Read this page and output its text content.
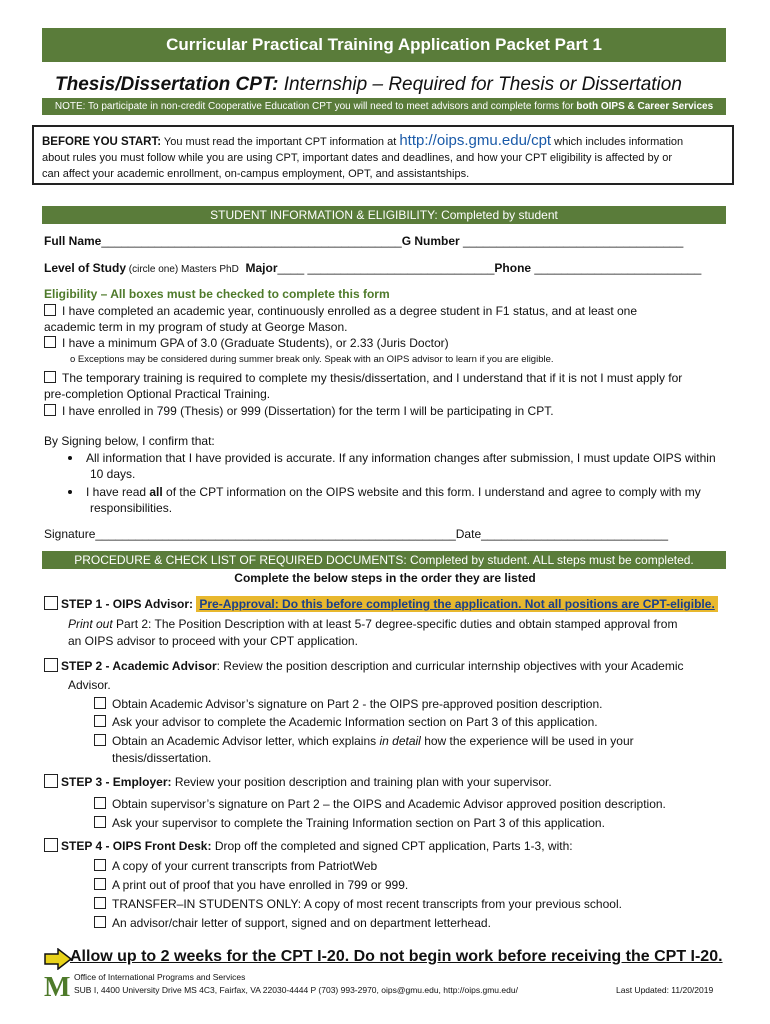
Curricular Practical Training Application Packet Part 1
Thesis/Dissertation CPT: Internship – Required for Thesis or Dissertation
NOTE: To participate in non-credit Cooperative Education CPT you will need to meet advisors and complete forms for both OIPS & Career Services
BEFORE YOU START: You must read the important CPT information at http://oips.gmu.edu/cpt which includes information
about rules you must follow while you are using CPT, important dates and deadlines, and how your CPT eligibility is affected by or
can affect your academic enrollment, on-campus employment, OPT, and assistantships.
STUDENT INFORMATION & ELIGIBILITY: Completed by student
Full Name_____________________________________________G Number _________________________________
Level of Study (circle one) Masters PhD Major____ ____________________________Phone _________________________
Eligibility – All boxes must be checked to complete this form
I have completed an academic year, continuously enrolled as a degree student in F1 status, and at least one
academic term in my program of study at George Mason.
I have a minimum GPA of 3.0 (Graduate Students), or 2.33 (Juris Doctor)
o Exceptions may be considered during summer break only. Speak with an OIPS advisor to learn if you are eligible.
The temporary training is required to complete my thesis/dissertation, and I understand that if it is not I must apply for
pre-completion Optional Practical Training.
I have enrolled in 799 (Thesis) or 999 (Dissertation) for the term I will be participating in CPT.
By Signing below, I confirm that:
All information that I have provided is accurate. If any information changes after submission, I must update OIPS within
10 days.
I have read all of the CPT information on the OIPS website and this form. I understand and agree to comply with my
responsibilities.
Signature______________________________________________________Date____________________________
PROCEDURE & CHECK LIST OF REQUIRED DOCUMENTS: Completed by student. ALL steps must be completed.
Complete the below steps in the order they are listed
STEP 1 - OIPS Advisor: Pre-Approval: Do this before completing the application. Not all positions are CPT-eligible.
Print out Part 2: The Position Description with at least 5-7 degree-specific duties and obtain stamped approval from
an OIPS advisor to proceed with your CPT application.
STEP 2 - Academic Advisor: Review the position description and curricular internship objectives with your Academic
Advisor.
Obtain Academic Advisor’s signature on Part 2 - the OIPS pre-approved position description.
Ask your advisor to complete the Academic Information section on Part 3 of this application.
Obtain an Academic Advisor letter, which explains in detail how the experience will be used in your
thesis/dissertation.
STEP 3 - Employer: Review your position description and training plan with your supervisor.
Obtain supervisor’s signature on Part 2 – the OIPS and Academic Advisor approved position description.
Ask your supervisor to complete the Training Information section on Part 3 of this application.
STEP 4 - OIPS Front Desk: Drop off the completed and signed CPT application, Parts 1-3, with:
A copy of your current transcripts from PatriotWeb
A print out of proof that you have enrolled in 799 or 999.
TRANSFER–IN STUDENTS ONLY: A copy of most recent transcripts from your previous school.
An advisor/chair letter of support, signed and on department letterhead.
Allow up to 2 weeks for the CPT I-20. Do not begin work before receiving the CPT I-20.
M Office of International Programs and Services
SUB I, 4400 University Drive MS 4C3, Fairfax, VA 22030-4444 P (703) 993-2970, oips@gmu.edu, http://oips.gmu.edu/	Last Updated: 11/20/2019
